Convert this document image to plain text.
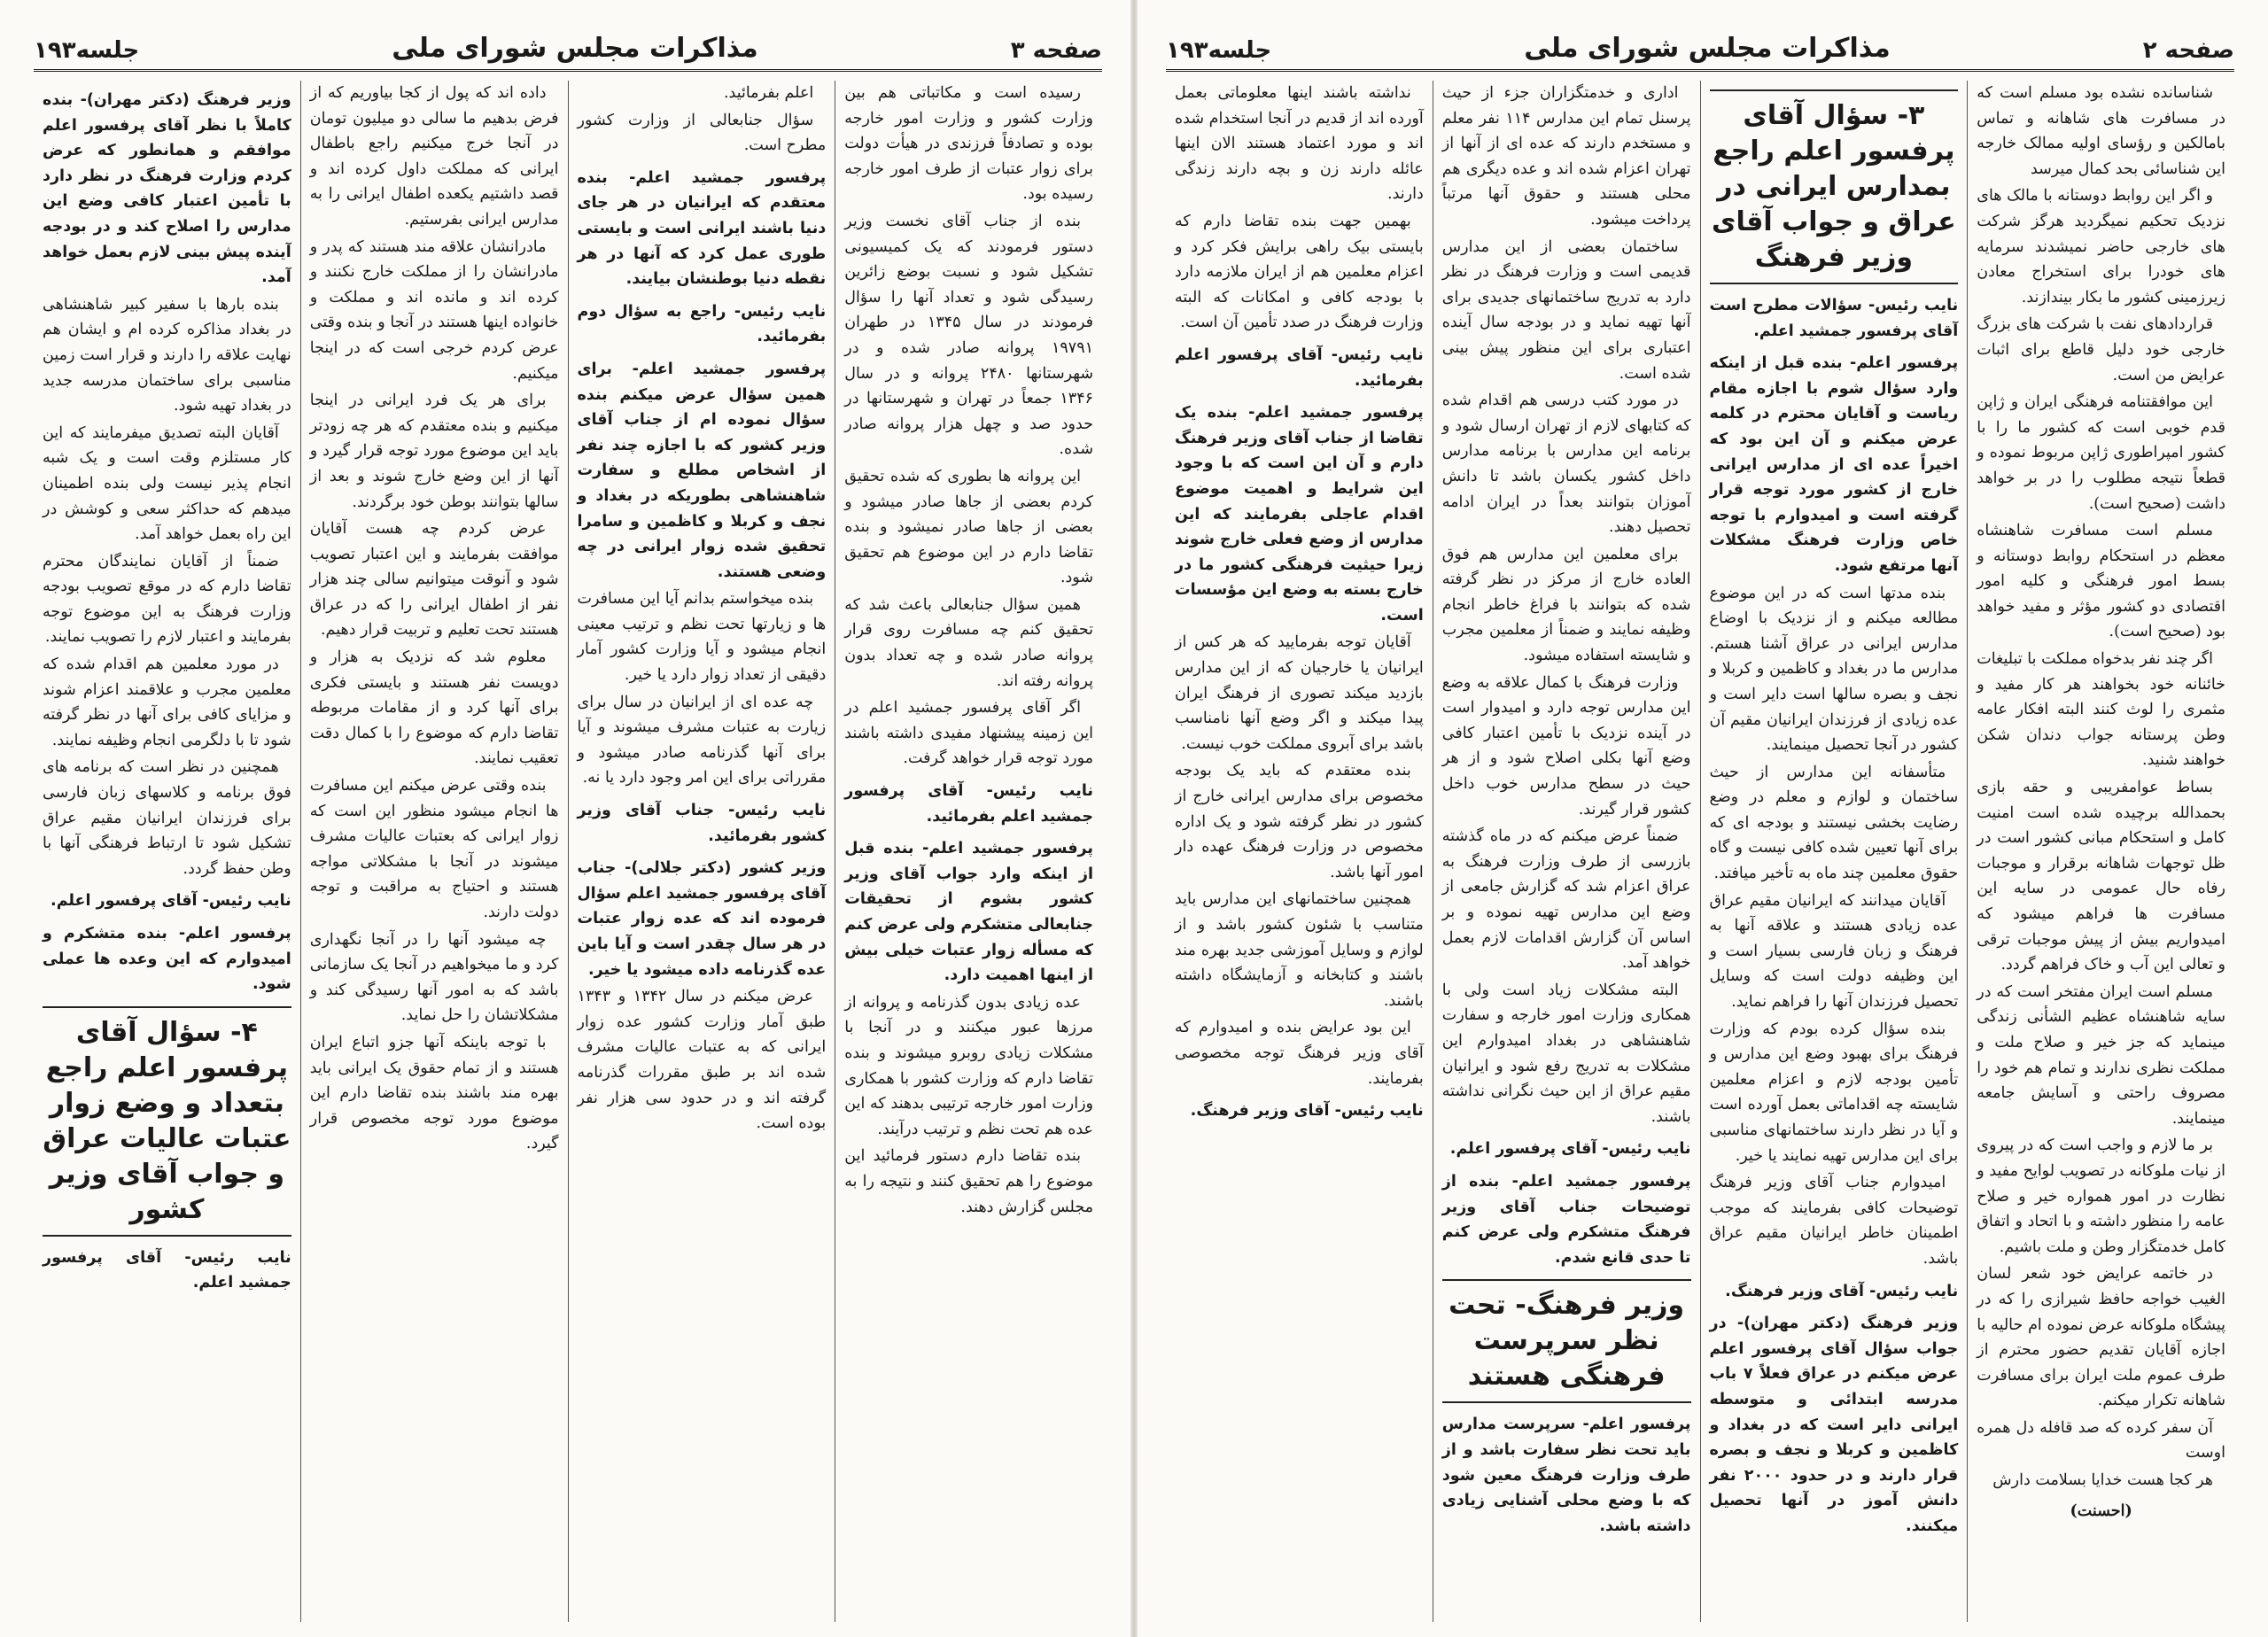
صفحه ۳
مذاکرات مجلس شورای ملی
جلسه۱۹۳

رسیده است و مکاتباتی هم بین وزارت کشور و وزارت امور خارجه بوده و تصادفاً فرزندی در هیأت دولت برای زوار عتبات از طرف امور خارجه رسیده بود.

بنده از جناب آقای نخست وزیر دستور فرمودند که یک کمیسیونی تشکیل شود و نسبت بوضع زائرین رسیدگی شود و تعداد آنها را سؤال فرمودند در سال ۱۳۴۵ در طهران ۱۹۷۹۱ پروانه صادر شده و در شهرستانها ۲۴۸۰ پروانه و در سال ۱۳۴۶ جمعاً در تهران و شهرستانها در حدود صد و چهل هزار پروانه صادر شده.

این پروانه ها بطوری که شده تحقیق کردم بعضی از جاها صادر میشود و بعضی از جاها صادر نمیشود و بنده تقاضا دارم در این موضوع هم تحقیق شود.

همین سؤال جنابعالی باعث شد که تحقیق کنم چه مسافرت روی قرار پروانه صادر شده و چه تعداد بدون پروانه رفته اند.

اگر آقای پرفسور جمشید اعلم در این زمینه پیشنهاد مفیدی داشته باشند مورد توجه قرار خواهد گرفت.

نایب رئیس- آقای پرفسور جمشید اعلم بفرمائید.

پرفسور جمشید اعلم- بنده قبل از اینکه وارد جواب آقای وزیر کشور بشوم از تحقیقات جنابعالی متشکرم ولی عرض کنم که مسأله زوار عتبات خیلی بیش از اینها اهمیت دارد.

عده زیادی بدون گذرنامه و پروانه از مرزها عبور میکنند و در آنجا با مشکلات زیادی روبرو میشوند و بنده تقاضا دارم که وزارت کشور با همکاری وزارت امور خارجه ترتیبی بدهند که این عده هم تحت نظم و ترتیب درآیند.

بنده تقاضا دارم دستور فرمائید این موضوع را هم تحقیق کنند و نتیجه را به مجلس گزارش دهند.

اعلم بفرمائید.

سؤال جنابعالی از وزارت کشور مطرح است.

پرفسور جمشید اعلم- بنده معتقدم که ایرانیان در هر جای دنیا باشند ایرانی است و بایستی طوری عمل کرد که آنها در هر نقطه دنیا بوطنشان بیایند.

نایب رئیس- راجع به سؤال دوم بفرمائید.

پرفسور جمشید اعلم- برای همین سؤال عرض میکنم بنده سؤال نموده ام از جناب آقای وزیر کشور که با اجازه چند نفر از اشخاص مطلع و سفارت شاهنشاهی بطوریکه در بغداد و نجف و کربلا و کاظمین و سامرا تحقیق شده زوار ایرانی در چه وضعی هستند.

بنده میخواستم بدانم آیا این مسافرت ها و زیارتها تحت نظم و ترتیب معینی انجام میشود و آیا وزارت کشور آمار دقیقی از تعداد زوار دارد یا خیر.

چه عده ای از ایرانیان در سال برای زیارت به عتبات مشرف میشوند و آیا برای آنها گذرنامه صادر میشود و مقرراتی برای این امر وجود دارد یا نه.

نایب رئیس- جناب آقای وزیر کشور بفرمائید.

وزیر کشور (دکتر جلالی)- جناب آقای پرفسور جمشید اعلم سؤال فرموده اند که عده زوار عتبات در هر سال چقدر است و آیا باین عده گذرنامه داده میشود یا خیر.

عرض میکنم در سال ۱۳۴۲ و ۱۳۴۳ طبق آمار وزارت کشور عده زوار ایرانی که به عتبات عالیات مشرف شده اند بر طبق مقررات گذرنامه گرفته اند و در حدود سی هزار نفر بوده است.

داده اند که پول از کجا بیاوریم که از فرض بدهیم ما سالی دو میلیون تومان در آنجا خرج میکنیم راجع باطفال ایرانی که مملکت داول کرده اند و قصد داشتیم یکعده اطفال ایرانی را به مدارس ایرانی بفرستیم.

مادرانشان علاقه مند هستند که پدر و مادرانشان را از مملکت خارج نکنند و کرده اند و مانده اند و مملکت و خانواده اینها هستند در آنجا و بنده وقتی عرض کردم خرجی است که در اینجا میکنیم.

برای هر یک فرد ایرانی در اینجا میکنیم و بنده معتقدم که هر چه زودتر باید این موضوع مورد توجه قرار گیرد و آنها از این وضع خارج شوند و بعد از سالها بتوانند بوطن خود برگردند.

عرض کردم چه هست آقایان موافقت بفرمایند و این اعتبار تصویب شود و آنوقت میتوانیم سالی چند هزار نفر از اطفال ایرانی را که در عراق هستند تحت تعلیم و تربیت قرار دهیم.

معلوم شد که نزدیک به هزار و دویست نفر هستند و بایستی فکری برای آنها کرد و از مقامات مربوطه تقاضا دارم که موضوع را با کمال دقت تعقیب نمایند.

بنده وقتی عرض میکنم این مسافرت ها انجام میشود منظور این است که زوار ایرانی که بعتبات عالیات مشرف میشوند در آنجا با مشکلاتی مواجه هستند و احتیاج به مراقبت و توجه دولت دارند.

چه میشود آنها را در آنجا نگهداری کرد و ما میخواهیم در آنجا یک سازمانی باشد که به امور آنها رسیدگی کند و مشکلاتشان را حل نماید.

با توجه باینکه آنها جزو اتباع ایران هستند و از تمام حقوق یک ایرانی باید بهره مند باشند بنده تقاضا دارم این موضوع مورد توجه مخصوص قرار گیرد.

وزیر فرهنگ (دکتر مهران)- بنده کاملاً با نظر آقای پرفسور اعلم موافقم و همانطور که عرض کردم وزارت فرهنگ در نظر دارد با تأمین اعتبار کافی وضع این مدارس را اصلاح کند و در بودجه آینده پیش بینی لازم بعمل خواهد آمد.

بنده بارها با سفیر کبیر شاهنشاهی در بغداد مذاکره کرده ام و ایشان هم نهایت علاقه را دارند و قرار است زمین مناسبی برای ساختمان مدرسه جدید در بغداد تهیه شود.

آقایان البته تصدیق میفرمایند که این کار مستلزم وقت است و یک شبه انجام پذیر نیست ولی بنده اطمینان میدهم که حداکثر سعی و کوشش در این راه بعمل خواهد آمد.

ضمناً از آقایان نمایندگان محترم تقاضا دارم که در موقع تصویب بودجه وزارت فرهنگ به این موضوع توجه بفرمایند و اعتبار لازم را تصویب نمایند.

در مورد معلمین هم اقدام شده که معلمین مجرب و علاقمند اعزام شوند و مزایای کافی برای آنها در نظر گرفته شود تا با دلگرمی انجام وظیفه نمایند.

همچنین در نظر است که برنامه های فوق برنامه و کلاسهای زبان فارسی برای فرزندان ایرانیان مقیم عراق تشکیل شود تا ارتباط فرهنگی آنها با وطن حفظ گردد.

نایب رئیس- آقای پرفسور اعلم.

پرفسور اعلم- بنده متشکرم و امیدوارم که این وعده ها عملی شود.

۴- سؤال آقای پرفسور اعلم راجع بتعداد و وضع زوار عتبات عالیات عراق و جواب آقای وزیر کشور

نایب رئیس- آقای پرفسور جمشید اعلم.

صفحه ۲
مذاکرات مجلس شورای ملی
جلسه۱۹۳

شناسانده نشده بود مسلم است که در مسافرت های شاهانه و تماس بامالکین و رؤسای اولیه ممالک خارجه این شناسائی بحد کمال میرسد

و اگر این روابط دوستانه با مالک های نزدیک تحکیم نمیگردید هرگز شرکت های خارجی حاضر نمیشدند سرمایه های خودرا برای استخراج معادن زیرزمینی کشور ما بکار بیندازند.

قراردادهای نفت با شرکت های بزرگ خارجی خود دلیل قاطع برای اثبات عرایض من است.

این موافقتنامه فرهنگی ایران و ژاپن قدم خوبی است که کشور ما را با کشور امپراطوری ژاپن مربوط نموده و قطعاً نتیجه مطلوب را در بر خواهد داشت (صحیح است).

مسلم است مسافرت شاهنشاه معظم در استحکام روابط دوستانه و بسط امور فرهنگی و کلیه امور اقتصادی دو کشور مؤثر و مفید خواهد بود (صحیح است).

اگر چند نفر بدخواه مملکت با تبلیغات خائنانه خود بخواهند هر کار مفید و مثمری را لوث کنند البته افکار عامه وطن پرستانه جواب دندان شکن خواهند شنید.

بساط عوامفریبی و حقه بازی بحمدالله برچیده شده است امنیت کامل و استحکام مبانی کشور است در ظل توجهات شاهانه برقرار و موجبات رفاه حال عمومی در سایه این مسافرت ها فراهم میشود که امیدواریم بیش از پیش موجبات ترقی و تعالی این آب و خاک فراهم گردد.

مسلم است ایران مفتخر است که در سایه شاهنشاه عظیم الشأنی زندگی مینماید که جز خیر و صلاح ملت و مملکت نظری ندارند و تمام هم خود را مصروف راحتی و آسایش جامعه مینمایند.

بر ما لازم و واجب است که در پیروی از نیات ملوکانه در تصویب لوایح مفید و نظارت در امور همواره خیر و صلاح عامه را منظور داشته و با اتحاد و اتفاق کامل خدمتگزار وطن و ملت باشیم.

در خاتمه عرایض خود شعر لسان الغیب خواجه حافظ شیرازی را که در پیشگاه ملوکانه عرض نموده ام حالیه با اجازه آقایان تقدیم حضور محترم از طرف عموم ملت ایران برای مسافرت شاهانه تکرار میکنم.

آن سفر کرده که صد قافله دل همره اوست

هر کجا هست خدایا بسلامت دارش

(احسنت)
۳- سؤال آقای پرفسور اعلم راجع بمدارس ایرانی در عراق و جواب آقای وزیر فرهنگ

نایب رئیس- سؤالات مطرح است آقای پرفسور جمشید اعلم.

پرفسور اعلم- بنده قبل از اینکه وارد سؤال شوم با اجازه مقام ریاست و آقایان محترم در کلمه عرض میکنم و آن این بود که اخیراً عده ای از مدارس ایرانی خارج از کشور مورد توجه قرار گرفته است و امیدوارم با توجه خاص وزارت فرهنگ مشکلات آنها مرتفع شود.

بنده مدتها است که در این موضوع مطالعه میکنم و از نزدیک با اوضاع مدارس ایرانی در عراق آشنا هستم. مدارس ما در بغداد و کاظمین و کربلا و نجف و بصره سالها است دایر است و عده زیادی از فرزندان ایرانیان مقیم آن کشور در آنجا تحصیل مینمایند.

متأسفانه این مدارس از حیث ساختمان و لوازم و معلم در وضع رضایت بخشی نیستند و بودجه ای که برای آنها تعیین شده کافی نیست و گاه حقوق معلمین چند ماه به تأخیر میافتد.

آقایان میدانند که ایرانیان مقیم عراق عده زیادی هستند و علاقه آنها به فرهنگ و زبان فارسی بسیار است و این وظیفه دولت است که وسایل تحصیل فرزندان آنها را فراهم نماید.

بنده سؤال کرده بودم که وزارت فرهنگ برای بهبود وضع این مدارس و تأمین بودجه لازم و اعزام معلمین شایسته چه اقداماتی بعمل آورده است و آیا در نظر دارند ساختمانهای مناسبی برای این مدارس تهیه نمایند یا خیر.

امیدوارم جناب آقای وزیر فرهنگ توضیحات کافی بفرمایند که موجب اطمینان خاطر ایرانیان مقیم عراق باشد.

نایب رئیس- آقای وزیر فرهنگ.

وزیر فرهنگ (دکتر مهران)- در جواب سؤال آقای پرفسور اعلم عرض میکنم در عراق فعلاً ۷ باب مدرسه ابتدائی و متوسطه ایرانی دایر است که در بغداد و کاظمین و کربلا و نجف و بصره قرار دارند و در حدود ۲۰۰۰ نفر دانش آموز در آنها تحصیل میکنند.

اداری و خدمتگزاران جزء از حیث پرسنل تمام این مدارس ۱۱۴ نفر معلم و مستخدم دارند که عده ای از آنها از تهران اعزام شده اند و عده دیگری هم محلی هستند و حقوق آنها مرتباً پرداخت میشود.

ساختمان بعضی از این مدارس قدیمی است و وزارت فرهنگ در نظر دارد به تدریج ساختمانهای جدیدی برای آنها تهیه نماید و در بودجه سال آینده اعتباری برای این منظور پیش بینی شده است.

در مورد کتب درسی هم اقدام شده که کتابهای لازم از تهران ارسال شود و برنامه این مدارس با برنامه مدارس داخل کشور یکسان باشد تا دانش آموزان بتوانند بعداً در ایران ادامه تحصیل دهند.

برای معلمین این مدارس هم فوق العاده خارج از مرکز در نظر گرفته شده که بتوانند با فراغ خاطر انجام وظیفه نمایند و ضمناً از معلمین مجرب و شایسته استفاده میشود.

وزارت فرهنگ با کمال علاقه به وضع این مدارس توجه دارد و امیدوار است در آینده نزدیک با تأمین اعتبار کافی وضع آنها بکلی اصلاح شود و از هر حیث در سطح مدارس خوب داخل کشور قرار گیرند.

ضمناً عرض میکنم که در ماه گذشته بازرسی از طرف وزارت فرهنگ به عراق اعزام شد که گزارش جامعی از وضع این مدارس تهیه نموده و بر اساس آن گزارش اقدامات لازم بعمل خواهد آمد.

البته مشکلات زیاد است ولی با همکاری وزارت امور خارجه و سفارت شاهنشاهی در بغداد امیدوارم این مشکلات به تدریج رفع شود و ایرانیان مقیم عراق از این حیث نگرانی نداشته باشند.

نایب رئیس- آقای پرفسور اعلم.

پرفسور جمشید اعلم- بنده از توضیحات جناب آقای وزیر فرهنگ متشکرم ولی عرض کنم تا حدی قانع شدم.

وزیر فرهنگ- تحت نظر سرپرست فرهنگی هستند

پرفسور اعلم- سرپرست مدارس باید تحت نظر سفارت باشد و از طرف وزارت فرهنگ معین شود که با وضع محلی آشنایی زیادی داشته باشد.

نداشته باشند اینها معلوماتی بعمل آورده اند از قدیم در آنجا استخدام شده اند و مورد اعتماد هستند الان اینها عائله دارند زن و بچه دارند زندگی دارند.

بهمین جهت بنده تقاضا دارم که بایستی بیک راهی برایش فکر کرد و اعزام معلمین هم از ایران ملازمه دارد با بودجه کافی و امکانات که البته وزارت فرهنگ در صدد تأمین آن است.

نایب رئیس- آقای پرفسور اعلم بفرمائید.

پرفسور جمشید اعلم- بنده یک تقاضا از جناب آقای وزیر فرهنگ دارم و آن این است که با وجود این شرایط و اهمیت موضوع اقدام عاجلی بفرمایند که این مدارس از وضع فعلی خارج شوند زیرا حیثیت فرهنگی کشور ما در خارج بسته به وضع این مؤسسات است.

آقایان توجه بفرمایید که هر کس از ایرانیان یا خارجیان که از این مدارس بازدید میکند تصوری از فرهنگ ایران پیدا میکند و اگر وضع آنها نامناسب باشد برای آبروی مملکت خوب نیست.

بنده معتقدم که باید یک بودجه مخصوص برای مدارس ایرانی خارج از کشور در نظر گرفته شود و یک اداره مخصوص در وزارت فرهنگ عهده دار امور آنها باشد.

همچنین ساختمانهای این مدارس باید متناسب با شئون کشور باشد و از لوازم و وسایل آموزشی جدید بهره مند باشند و کتابخانه و آزمایشگاه داشته باشند.

این بود عرایض بنده و امیدوارم که آقای وزیر فرهنگ توجه مخصوصی بفرمایند.

نایب رئیس- آقای وزیر فرهنگ.
